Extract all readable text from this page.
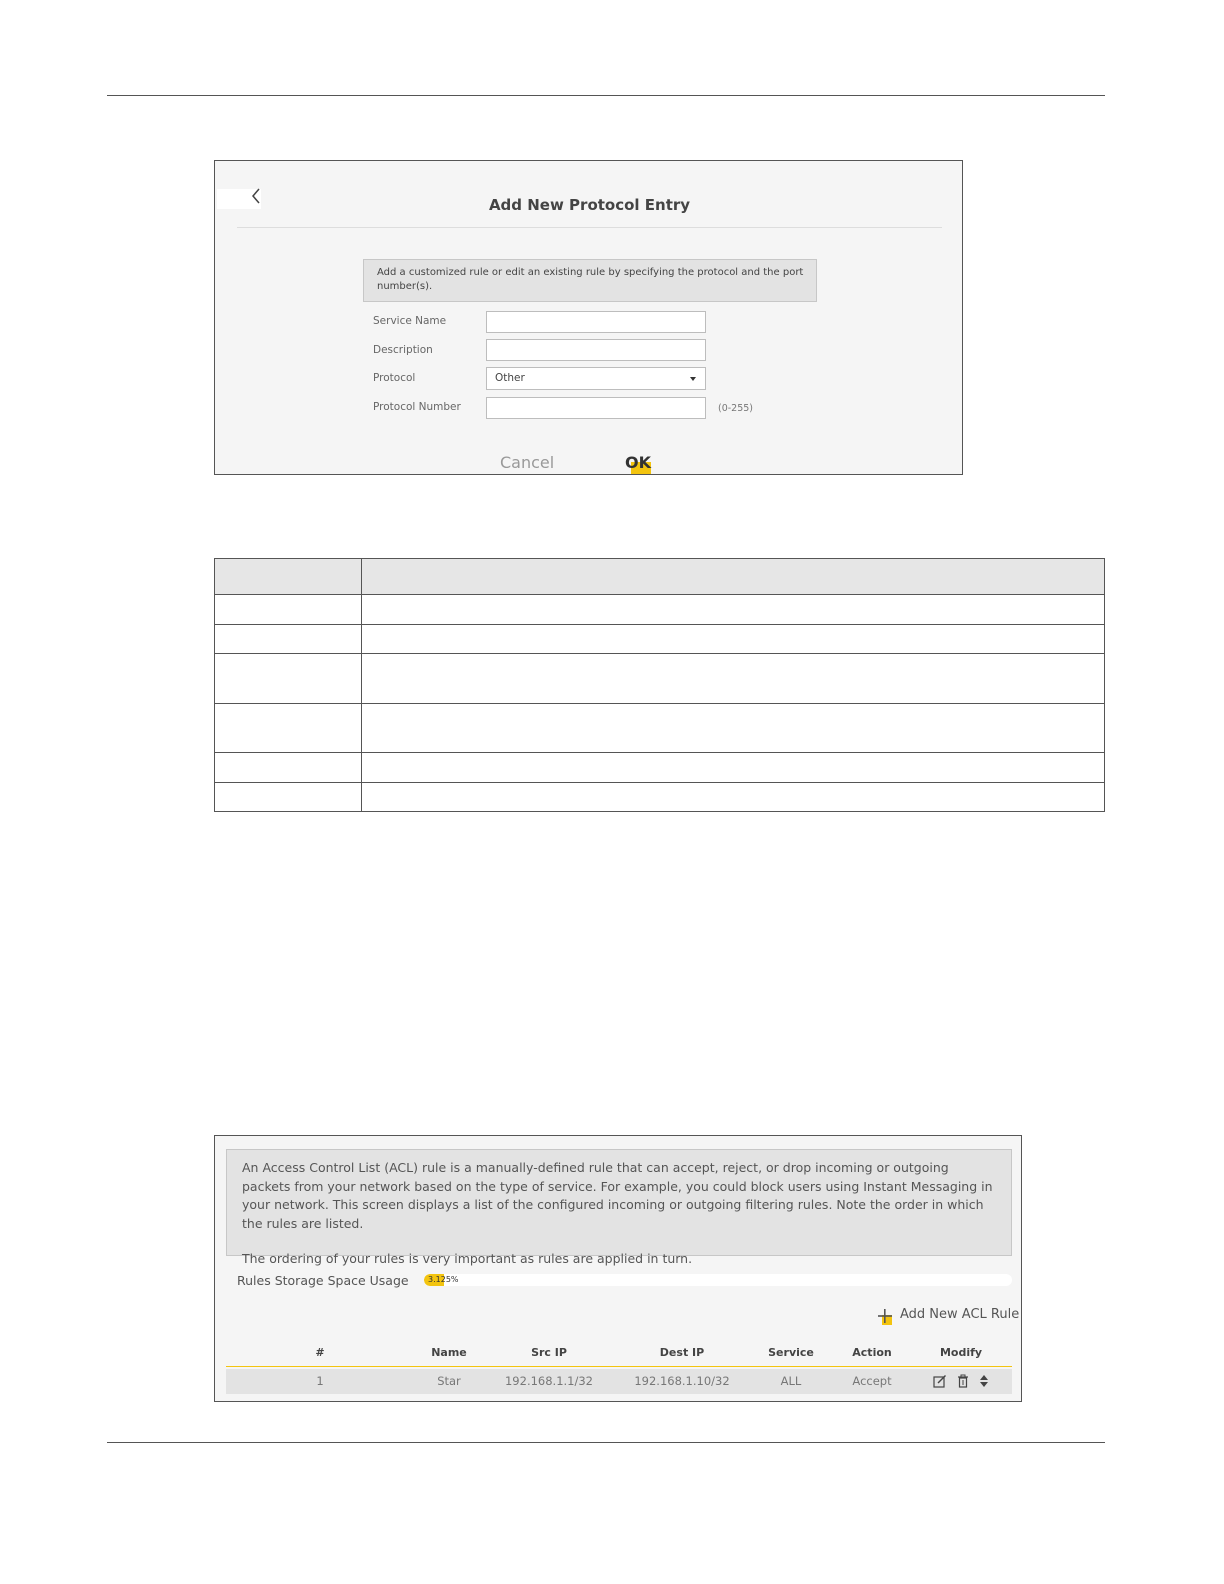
Add New Protocol Entry
Add a customized rule or edit an existing rule by specifying the protocol and the port number(s).
Service Name
Description
Protocol	Other
Protocol Number	(0-255)
Cancel	OK

An Access Control List (ACL) rule is a manually-defined rule that can accept, reject, or drop incoming or outgoing packets from your network based on the type of service. For example, you could block users using Instant Messaging in your network. This screen displays a list of the configured incoming or outgoing filtering rules. Note the order in which the rules are listed.

The ordering of your rules is very important as rules are applied in turn.

Rules Storage Space Usage 3.125%
Add New ACL Rule
#	Name	Src IP	Dest IP	Service	Action	Modify
1	Star	192.168.1.1/32	192.168.1.10/32	ALL	Accept
